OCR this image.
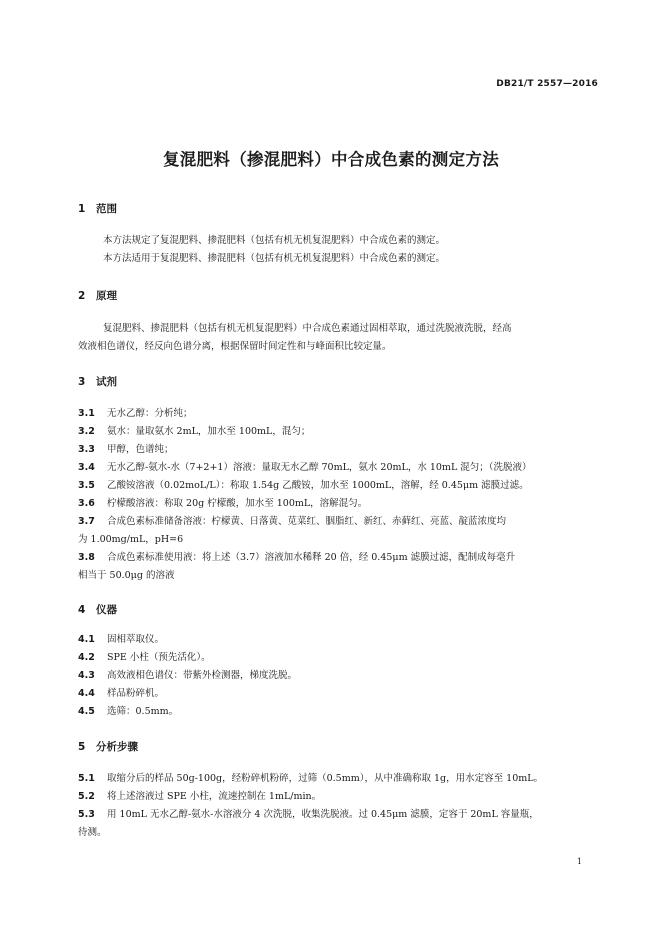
DB21/T 2557—2016
复混肥料（掺混肥料）中合成色素的测定方法
1 范围
本方法规定了复混肥料、掺混肥料（包括有机无机复混肥料）中合成色素的测定。
本方法适用于复混肥料、掺混肥料（包括有机无机复混肥料）中合成色素的测定。
2 原理
复混肥料、掺混肥料（包括有机无机复混肥料）中合成色素通过固相萃取，通过洗脱液洗脱，经高
效液相色谱仪，经反向色谱分离，根据保留时间定性和与峰面积比较定量。
3 试剂
3.1 无水乙醇：分析纯；
3.2 氨水：量取氨水 2mL，加水至 100mL，混匀；
3.3 甲醇，色谱纯；
3.4 无水乙醇-氨水-水（7+2+1）溶液：量取无水乙醇 70mL，氨水 20mL，水 10mL 混匀；（洗脱液）
3.5 乙酸铵溶液（0.02moL/L）：称取 1.54g 乙酸铵，加水至 1000mL，溶解，经 0.45μm 滤膜过滤。
3.6 柠檬酸溶液：称取 20g 柠檬酸，加水至 100mL，溶解混匀。
3.7 合成色素标准储备溶液：柠檬黄、日落黄、苋菜红、胭脂红、新红、赤藓红、亮蓝、靛蓝浓度均
为 1.00mg/mL，pH=6
3.8 合成色素标准使用液：将上述（3.7）溶液加水稀释 20 倍，经 0.45μm 滤膜过滤，配制成每毫升
相当于 50.0μg 的溶液
4 仪器
4.1 固相萃取仪。
4.2 SPE 小柱（预先活化）。
4.3 高效液相色谱仪：带紫外检测器，梯度洗脱。
4.4 样品粉碎机。
4.5 选筛：0.5mm。
5 分析步骤
5.1 取缩分后的样品 50g-100g，经粉碎机粉碎，过筛（0.5mm），从中准确称取 1g，用水定容至 10mL。
5.2 将上述溶液过 SPE 小柱，流速控制在 1mL/min。
5.3 用 10mL 无水乙醇-氨水-水溶液分 4 次洗脱，收集洗脱液。过 0.45μm 滤膜，定容于 20mL 容量瓶，
待测。
1
